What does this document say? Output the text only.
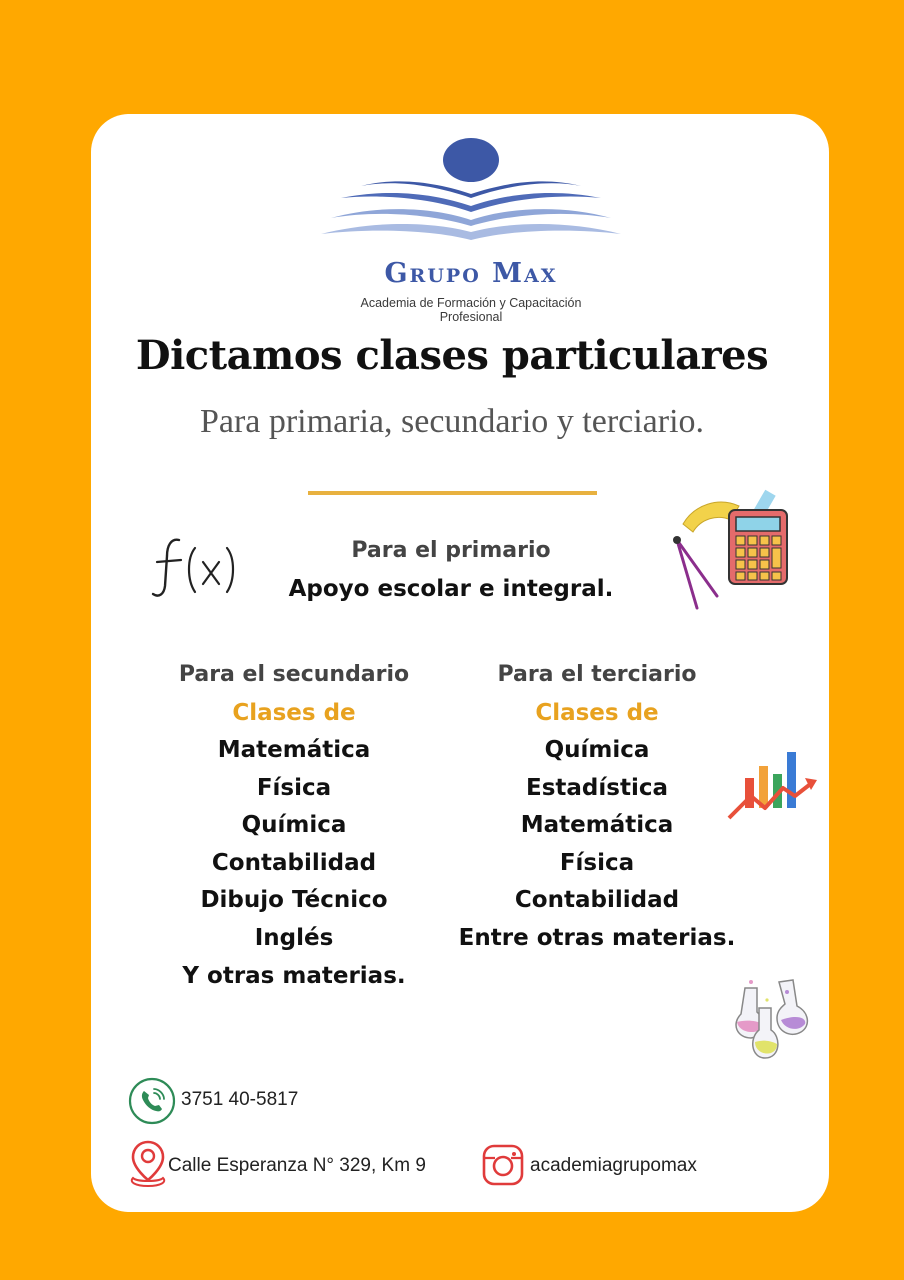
Grupo Max
Academia de Formación y Capacitación
Profesional
Dictamos clases particulares
Para primaria, secundario y terciario.
Para el primario
Apoyo escolar e integral.
Para el secundario
Clases de
Matemática
Física
Química
Contabilidad
Dibujo Técnico
Inglés
Y otras materias.
Para el terciario
Clases de
Química
Estadística
Matemática
Física
Contabilidad
Entre otras materias.
3751 40-5817
Calle Esperanza N° 329, Km 9	academiagrupomax
